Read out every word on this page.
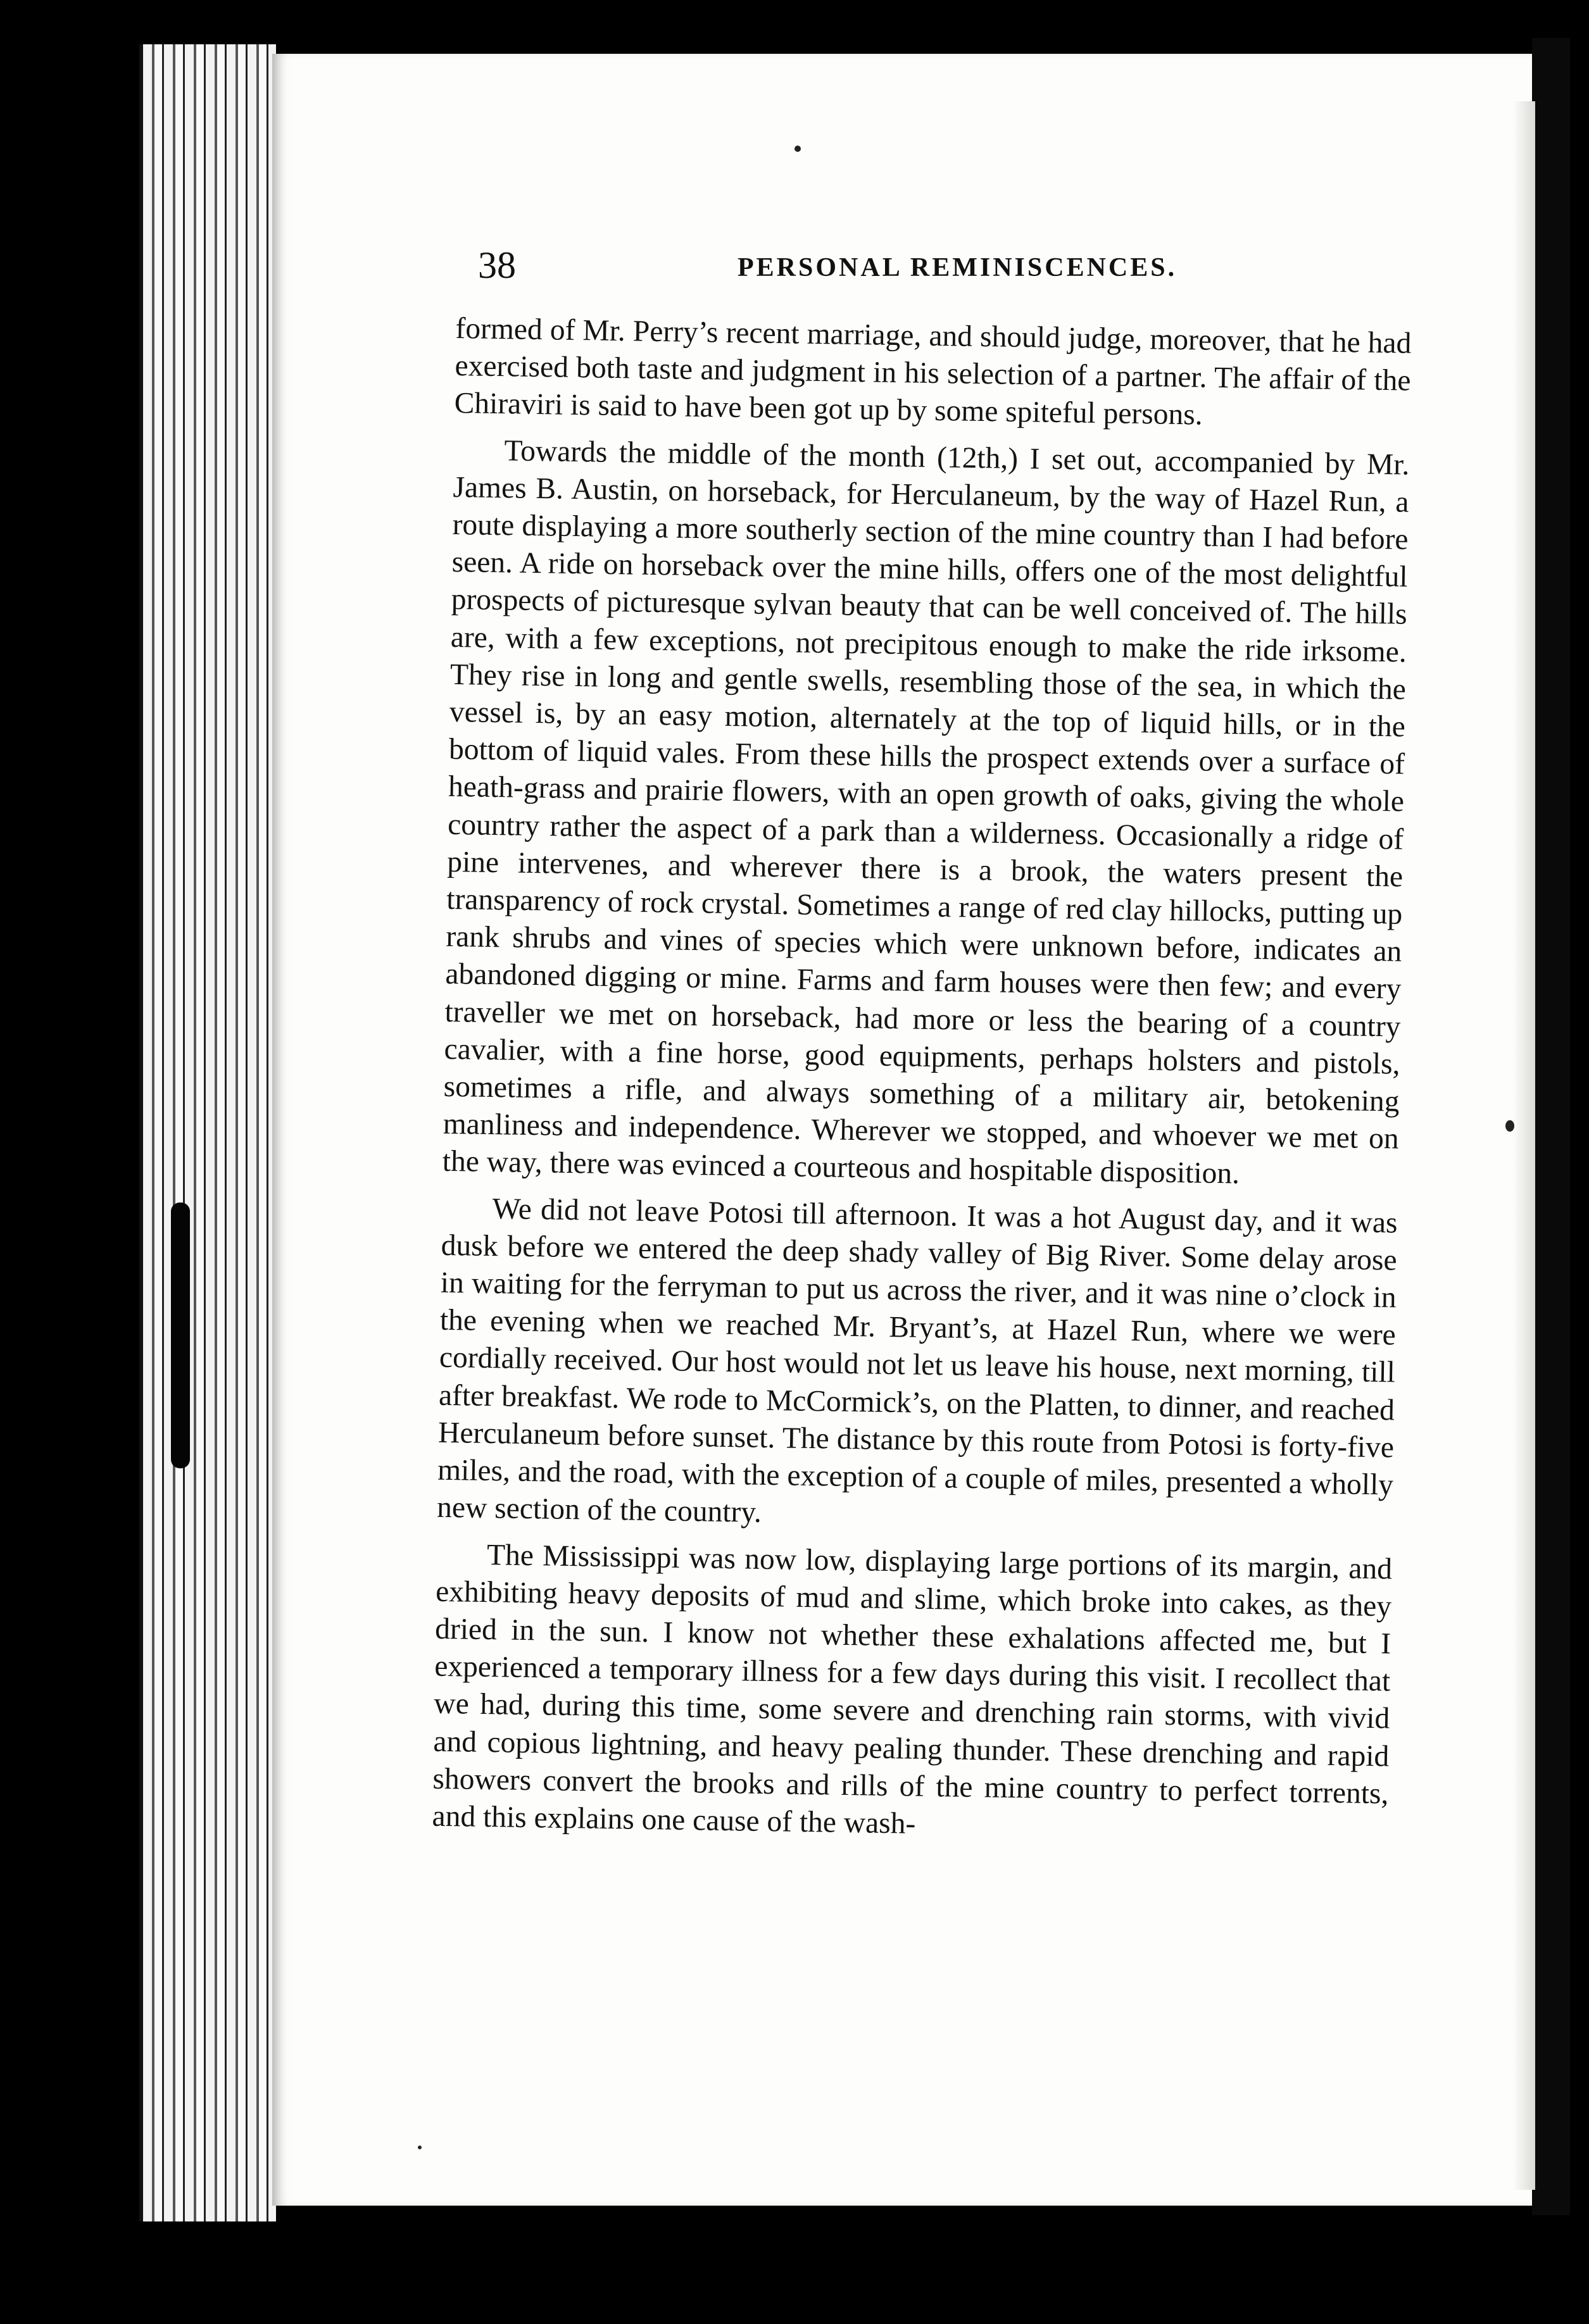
38	PERSONAL REMINISCENCES.

formed of Mr. Perry’s recent marriage, and should judge, moreover, that he had exercised both taste and judgment in his selection of a partner. The affair of the Chiraviri is said to have been got up by some spiteful persons.

Towards the middle of the month (12th,) I set out, accompanied by Mr. James B. Austin, on horseback, for Herculaneum, by the way of Hazel Run, a route displaying a more southerly section of the mine country than I had before seen. A ride on horseback over the mine hills, offers one of the most delightful prospects of picturesque sylvan beauty that can be well conceived of. The hills are, with a few exceptions, not precipitous enough to make the ride irksome. They rise in long and gentle swells, resembling those of the sea, in which the vessel is, by an easy motion, alternately at the top of liquid hills, or in the bottom of liquid vales. From these hills the prospect extends over a surface of heath-grass and prairie flowers, with an open growth of oaks, giving the whole country rather the aspect of a park than a wilderness. Occasionally a ridge of pine intervenes, and wherever there is a brook, the waters present the transparency of rock crystal. Sometimes a range of red clay hillocks, putting up rank shrubs and vines of species which were unknown before, indicates an abandoned digging or mine. Farms and farm houses were then few; and every traveller we met on horseback, had more or less the bearing of a country cavalier, with a fine horse, good equipments, perhaps holsters and pistols, sometimes a rifle, and always something of a military air, betokening manliness and independence. Wherever we stopped, and whoever we met on the way, there was evinced a courteous and hospitable disposition.

We did not leave Potosi till afternoon. It was a hot August day, and it was dusk before we entered the deep shady valley of Big River. Some delay arose in waiting for the ferryman to put us across the river, and it was nine o’clock in the evening when we reached Mr. Bryant’s, at Hazel Run, where we were cordially received. Our host would not let us leave his house, next morning, till after breakfast. We rode to McCormick’s, on the Platten, to dinner, and reached Herculaneum before sunset. The distance by this route from Potosi is forty-five miles, and the road, with the exception of a couple of miles, presented a wholly new section of the country.

The Mississippi was now low, displaying large portions of its margin, and exhibiting heavy deposits of mud and slime, which broke into cakes, as they dried in the sun. I know not whether these exhalations affected me, but I experienced a temporary illness for a few days during this visit. I recollect that we had, during this time, some severe and drenching rain storms, with vivid and copious lightning, and heavy pealing thunder. These drenching and rapid showers convert the brooks and rills of the mine country to perfect torrents, and this explains one cause of the wash-
